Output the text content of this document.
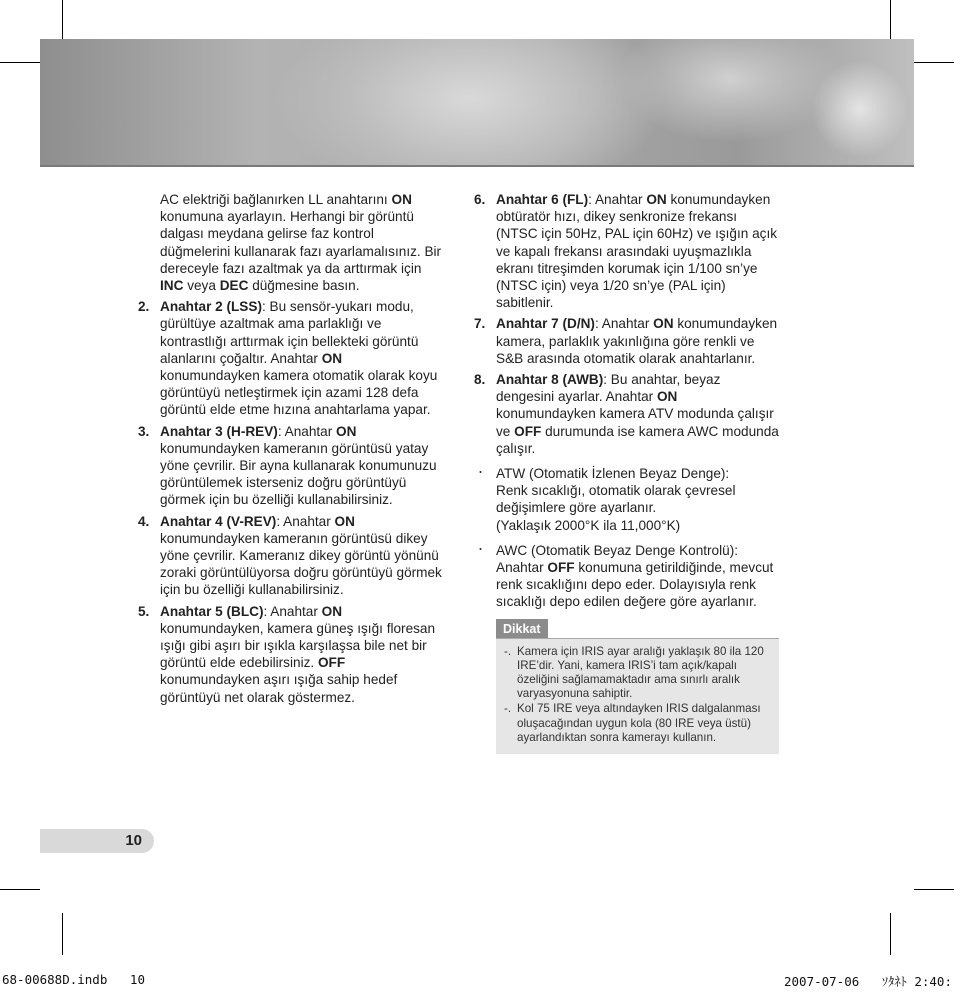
AC elektriği bağlanırken LL anahtarını ON konumuna ayarlayın. Herhangi bir görüntü dalgası meydana gelirse faz kontrol düğmelerini kullanarak fazı ayarlamalısınız. Bir dereceyle fazı azaltmak ya da arttırmak için INC veya DEC düğmesine basın.
2. Anahtar 2 (LSS): Bu sensör-yukarı modu, gürültüye azaltmak ama parlaklığı ve kontrastlığı arttırmak için bellekteki görüntü alanlarını çoğaltır. Anahtar ON konumundayken kamera otomatik olarak koyu görüntüyü netleştirmek için azami 128 defa görüntü elde etme hızına anahtarlama yapar.
3. Anahtar 3 (H-REV): Anahtar ON konumundayken kameranın görüntüsü yatay yöne çevrilir. Bir ayna kullanarak konumunuzu görüntülemek isterseniz doğru görüntüyü görmek için bu özelliği kullanabilirsiniz.
4. Anahtar 4 (V-REV): Anahtar ON konumundayken kameranın görüntüsü dikey yöne çevrilir. Kameranız dikey görüntü yönünü zoraki görüntülüyorsa doğru görüntüyü görmek için bu özelliği kullanabilirsiniz.
5. Anahtar 5 (BLC): Anahtar ON konumundayken, kamera güneş ışığı floresan ışığı gibi aşırı bir ışıkla karşılaşsa bile net bir görüntü elde edebilirsiniz. OFF konumundayken aşırı ışığa sahip hedef görüntüyü net olarak göstermez.
6. Anahtar 6 (FL): Anahtar ON konumundayken obtüratör hızı, dikey senkronize frekansı (NTSC için 50Hz, PAL için 60Hz) ve ışığın açık ve kapalı frekansı arasındaki uyuşmazlıkla ekranı titreşimden korumak için 1/100 sn’ye (NTSC için) veya 1/20 sn’ye (PAL için) sabitlenir.
7. Anahtar 7 (D/N): Anahtar ON konumundayken kamera, parlaklık yakınlığına göre renkli ve S&B arasında otomatik olarak anahtarlanır.
8. Anahtar 8 (AWB): Bu anahtar, beyaz dengesini ayarlar. Anahtar ON konumundayken kamera ATV modunda çalışır ve OFF durumunda ise kamera AWC modunda çalışır.
・ ATW (Otomatik İzlenen Beyaz Denge):
Renk sıcaklığı, otomatik olarak çevresel değişimlere göre ayarlanır.
(Yaklaşık 2000°K ila 11,000°K)
・ AWC (Otomatik Beyaz Denge Kontrolü): Anahtar OFF konumuna getirildiğinde, mevcut renk sıcaklığını depo eder. Dolayısıyla renk sıcaklığı depo edilen değere göre ayarlanır.
Dikkat
-. Kamera için IRIS ayar aralığı yaklaşık 80 ila 120 IRE’dir. Yani, kamera IRIS’i tam açık/kapalı özeliğini sağlamamaktadır ama sınırlı aralık varyasyonuna sahiptir.
-. Kol 75 IRE veya altındayken IRIS dalgalanması oluşacağından uygun kola (80 IRE veya üstü) ayarlandıktan sonra kamerayı kullanın.
10
68-00688D.indb   10	2007-07-06   ｿﾀﾈﾄ 2:40:
